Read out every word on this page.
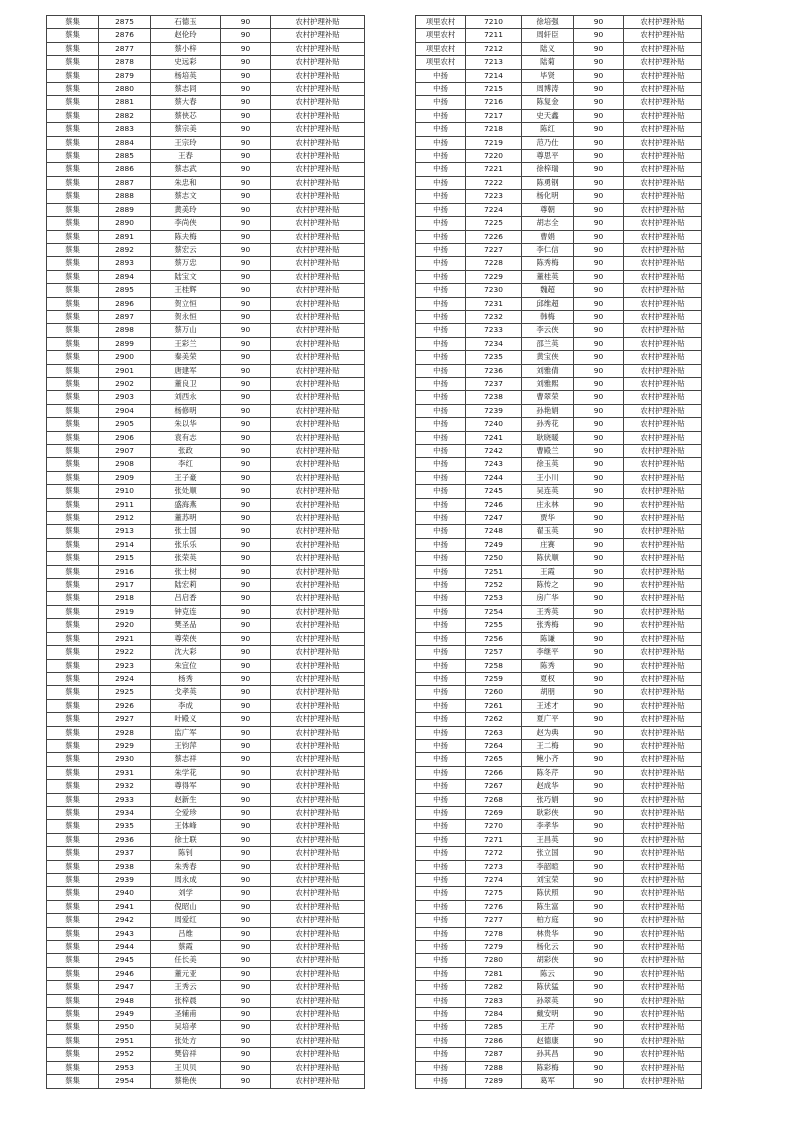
蔡集	2875	石德玉	90	农村护理补贴
蔡集	2876	赵伦玲	90	农村护理补贴
蔡集	2877	蔡小梓	90	农村护理补贴
蔡集	2878	史远彩	90	农村护理补贴
蔡集	2879	杨培英	90	农村护理补贴
蔡集	2880	蔡志同	90	农村护理补贴
蔡集	2881	蔡大春	90	农村护理补贴
蔡集	2882	蔡侠芯	90	农村护理补贴
蔡集	2883	蔡宗美	90	农村护理补贴
蔡集	2884	王宗玲	90	农村护理补贴
蔡集	2885	王春	90	农村护理补贴
蔡集	2886	蔡志武	90	农村护理补贴
蔡集	2887	朱忠和	90	农村护理补贴
蔡集	2888	蔡志文	90	农村护理补贴
蔡集	2889	黄美玲	90	农村护理补贴
蔡集	2890	李尚侠	90	农村护理补贴
蔡集	2891	陈夫梅	90	农村护理补贴
蔡集	2892	蔡宏云	90	农村护理补贴
蔡集	2893	蔡万忠	90	农村护理补贴
蔡集	2894	陆宝文	90	农村护理补贴
蔡集	2895	王桂辉	90	农村护理补贴
蔡集	2896	贺立恒	90	农村护理补贴
蔡集	2897	贺永恒	90	农村护理补贴
蔡集	2898	蔡万山	90	农村护理补贴
蔡集	2899	王彩兰	90	农村护理补贴
蔡集	2900	秦美荣	90	农村护理补贴
蔡集	2901	唐建军	90	农村护理补贴
蔡集	2902	董良卫	90	农村护理补贴
蔡集	2903	刘西永	90	农村护理补贴
蔡集	2904	杨修明	90	农村护理补贴
蔡集	2905	朱以华	90	农村护理补贴
蔡集	2906	袁有志	90	农村护理补贴
蔡集	2907	张政	90	农村护理补贴
蔡集	2908	李红	90	农村护理补贴
蔡集	2909	王子豪	90	农村护理补贴
蔡集	2910	张处顺	90	农村护理补贴
蔡集	2911	盛海燕	90	农村护理补贴
蔡集	2912	董苏明	90	农村护理补贴
蔡集	2913	张士国	90	农村护理补贴
蔡集	2914	张乐乐	90	农村护理补贴
蔡集	2915	张荣英	90	农村护理补贴
蔡集	2916	张士树	90	农村护理补贴
蔡集	2917	陆宏莉	90	农村护理补贴
蔡集	2918	吕启香	90	农村护理补贴
蔡集	2919	钟克连	90	农村护理补贴
蔡集	2920	樊圣品	90	农村护理补贴
蔡集	2921	尊荣侠	90	农村护理补贴
蔡集	2922	沈大彩	90	农村护理补贴
蔡集	2923	朱宜位	90	农村护理补贴
蔡集	2924	杨秀	90	农村护理补贴
蔡集	2925	戈孝英	90	农村护理补贴
蔡集	2926	李成	90	农村护理补贴
蔡集	2927	叶殿义	90	农村护理补贴
蔡集	2928	监广军	90	农村护理补贴
蔡集	2929	王钧萍	90	农村护理补贴
蔡集	2930	蔡志祥	90	农村护理补贴
蔡集	2931	朱学花	90	农村护理补贴
蔡集	2932	尊得军	90	农村护理补贴
蔡集	2933	赵新生	90	农村护理补贴
蔡集	2934	仝爱珍	90	农村护理补贴
蔡集	2935	王体峰	90	农村护理补贴
蔡集	2936	徐士联	90	农村护理补贴
蔡集	2937	陈钊	90	农村护理补贴
蔡集	2938	朱秀春	90	农村护理补贴
蔡集	2939	周永成	90	农村护理补贴
蔡集	2940	刘学	90	农村护理补贴
蔡集	2941	倪昭山	90	农村护理补贴
蔡集	2942	周爱红	90	农村护理补贴
蔡集	2943	吕维	90	农村护理补贴
蔡集	2944	蔡霞	90	农村护理补贴
蔡集	2945	任长美	90	农村护理补贴
蔡集	2946	董元亚	90	农村护理补贴
蔡集	2947	王秀云	90	农村护理补贴
蔡集	2948	张梓晨	90	农村护理补贴
蔡集	2949	圣辅甫	90	农村护理补贴
蔡集	2950	吴培孝	90	农村护理补贴
蔡集	2951	张处方	90	农村护理补贴
蔡集	2952	樊倍祥	90	农村护理补贴
蔡集	2953	王贝贝	90	农村护理补贴
蔡集	2954	蔡艳侠	90	农村护理补贴
项里农村	7210	徐培强	90	农村护理补贴
项里农村	7211	周轩臣	90	农村护理补贴
项里农村	7212	陆义	90	农村护理补贴
项里农村	7213	陆菊	90	农村护理补贴
中扬	7214	毕贤	90	农村护理补贴
中扬	7215	周博涛	90	农村护理补贴
中扬	7216	陈复金	90	农村护理补贴
中扬	7217	史天鑫	90	农村护理补贴
中扬	7218	陈红	90	农村护理补贴
中扬	7219	范乃仕	90	农村护理补贴
中扬	7220	尊思平	90	农村护理补贴
中扬	7221	徐梓瑞	90	农村护理补贴
中扬	7222	陈勇钢	90	农村护理补贴
中扬	7223	杨化明	90	农村护理补贴
中扬	7224	尊朝	90	农村护理补贴
中扬	7225	胡志全	90	农村护理补贴
中扬	7226	曹娟	90	农村护理补贴
中扬	7227	李仁信	90	农村护理补贴
中扬	7228	陈秀梅	90	农村护理补贴
中扬	7229	董桂英	90	农村护理补贴
中扬	7230	魏超	90	农村护理补贴
中扬	7231	邱维超	90	农村护理补贴
中扬	7232	韩梅	90	农村护理补贴
中扬	7233	李云侠	90	农村护理补贴
中扬	7234	邵兰英	90	农村护理补贴
中扬	7235	黄宝侠	90	农村护理补贴
中扬	7236	刘雅倩	90	农村护理补贴
中扬	7237	刘雅熙	90	农村护理补贴
中扬	7238	曹翠荣	90	农村护理补贴
中扬	7239	孙艳娟	90	农村护理补贴
中扬	7240	孙秀花	90	农村护理补贴
中扬	7241	耿晓暖	90	农村护理补贴
中扬	7242	曹殿兰	90	农村护理补贴
中扬	7243	徐玉英	90	农村护理补贴
中扬	7244	王小川	90	农村护理补贴
中扬	7245	吴连英	90	农村护理补贴
中扬	7246	庄永林	90	农村护理补贴
中扬	7247	贾华	90	农村护理补贴
中扬	7248	翟玉英	90	农村护理补贴
中扬	7249	庄赛	90	农村护理补贴
中扬	7250	陈伏顺	90	农村护理补贴
中扬	7251	王霞	90	农村护理补贴
中扬	7252	陈传之	90	农村护理补贴
中扬	7253	房广华	90	农村护理补贴
中扬	7254	王秀英	90	农村护理补贴
中扬	7255	张秀梅	90	农村护理补贴
中扬	7256	陈谦	90	农村护理补贴
中扬	7257	李继平	90	农村护理补贴
中扬	7258	陈秀	90	农村护理补贴
中扬	7259	夏权	90	农村护理补贴
中扬	7260	胡朋	90	农村护理补贴
中扬	7261	王述才	90	农村护理补贴
中扬	7262	夏广平	90	农村护理补贴
中扬	7263	赵为典	90	农村护理补贴
中扬	7264	王二梅	90	农村护理补贴
中扬	7265	鲍小齐	90	农村护理补贴
中扬	7266	陈冬芹	90	农村护理补贴
中扬	7267	赵成华	90	农村护理补贴
中扬	7268	张巧娟	90	农村护理补贴
中扬	7269	耿彩侠	90	农村护理补贴
中扬	7270	李孝华	90	农村护理补贴
中扬	7271	王昌英	90	农村护理补贴
中扬	7272	张立国	90	农村护理补贴
中扬	7273	李韶暄	90	农村护理补贴
中扬	7274	刘宝荣	90	农村护理补贴
中扬	7275	陈伏照	90	农村护理补贴
中扬	7276	陈生富	90	农村护理补贴
中扬	7277	柏方庭	90	农村护理补贴
中扬	7278	林贵华	90	农村护理补贴
中扬	7279	杨化云	90	农村护理补贴
中扬	7280	胡彩侠	90	农村护理补贴
中扬	7281	陈云	90	农村护理补贴
中扬	7282	陈伏猛	90	农村护理补贴
中扬	7283	孙翠英	90	农村护理补贴
中扬	7284	戴安明	90	农村护理补贴
中扬	7285	王芹	90	农村护理补贴
中扬	7286	赵德康	90	农村护理补贴
中扬	7287	孙其昌	90	农村护理补贴
中扬	7288	陈彩梅	90	农村护理补贴
中扬	7289	葛军	90	农村护理补贴
